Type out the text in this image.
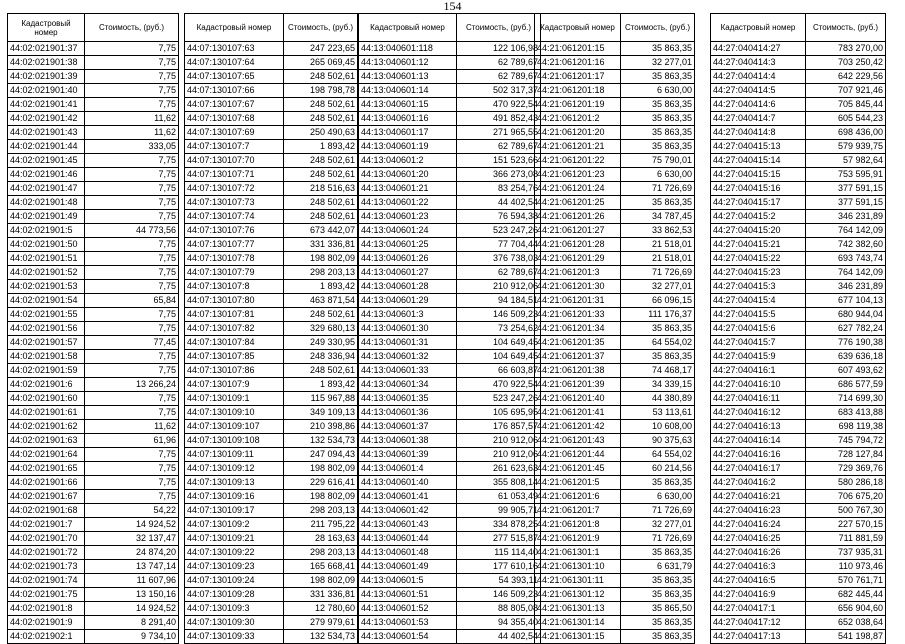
154
Кадастровый номер	Стоимость, (руб.)
44:02:021901:37	7,75
44:02:021901:38	7,75
44:02:021901:39	7,75
44:02:021901:40	7,75
44:02:021901:41	7,75
44:02:021901:42	11,62
44:02:021901:43	11,62
44:02:021901:44	333,05
44:02:021901:45	7,75
44:02:021901:46	7,75
44:02:021901:47	7,75
44:02:021901:48	7,75
44:02:021901:49	7,75
44:02:021901:5	44 773,56
44:02:021901:50	7,75
44:02:021901:51	7,75
44:02:021901:52	7,75
44:02:021901:53	7,75
44:02:021901:54	65,84
44:02:021901:55	7,75
44:02:021901:56	7,75
44:02:021901:57	77,45
44:02:021901:58	7,75
44:02:021901:59	7,75
44:02:021901:6	13 266,24
44:02:021901:60	7,75
44:02:021901:61	7,75
44:02:021901:62	11,62
44:02:021901:63	61,96
44:02:021901:64	7,75
44:02:021901:65	7,75
44:02:021901:66	7,75
44:02:021901:67	7,75
44:02:021901:68	54,22
44:02:021901:7	14 924,52
44:02:021901:70	32 137,47
44:02:021901:72	24 874,20
44:02:021901:73	13 747,14
44:02:021901:74	11 607,96
44:02:021901:75	13 150,16
44:02:021901:8	14 924,52
44:02:021901:9	8 291,40
44:02:021902:1	9 734,10
Кадастровый номер	Стоимость, (руб.)
44:07:130107:63	247 223,65
44:07:130107:64	265 069,45
44:07:130107:65	248 502,61
44:07:130107:66	198 798,78
44:07:130107:67	248 502,61
44:07:130107:68	248 502,61
44:07:130107:69	250 490,63
44:07:130107:7	1 893,42
44:07:130107:70	248 502,61
44:07:130107:71	248 502,61
44:07:130107:72	218 516,63
44:07:130107:73	248 502,61
44:07:130107:74	248 502,61
44:07:130107:76	673 442,07
44:07:130107:77	331 336,81
44:07:130107:78	198 802,09
44:07:130107:79	298 203,13
44:07:130107:8	1 893,42
44:07:130107:80	463 871,54
44:07:130107:81	248 502,61
44:07:130107:82	329 680,13
44:07:130107:84	249 330,95
44:07:130107:85	248 336,94
44:07:130107:86	248 502,61
44:07:130107:9	1 893,42
44:07:130109:1	115 967,88
44:07:130109:10	349 109,13
44:07:130109:107	210 398,86
44:07:130109:108	132 534,73
44:07:130109:11	247 094,43
44:07:130109:12	198 802,09
44:07:130109:13	229 616,41
44:07:130109:16	198 802,09
44:07:130109:17	298 203,13
44:07:130109:2	211 795,22
44:07:130109:21	28 163,63
44:07:130109:22	298 203,13
44:07:130109:23	165 668,41
44:07:130109:24	198 802,09
44:07:130109:28	331 336,81
44:07:130109:3	12 780,60
44:07:130109:30	279 979,61
44:07:130109:33	132 534,73
Кадастровый номер	Стоимость, (руб.)
44:13:040601:118	122 106,98
44:13:040601:12	62 789,67
44:13:040601:13	62 789,67
44:13:040601:14	502 317,37
44:13:040601:15	470 922,54
44:13:040601:16	491 852,43
44:13:040601:17	271 965,55
44:13:040601:19	62 789,67
44:13:040601:2	151 523,66
44:13:040601:20	366 273,08
44:13:040601:21	83 254,76
44:13:040601:22	44 402,54
44:13:040601:23	76 594,38
44:13:040601:24	523 247,26
44:13:040601:25	77 704,44
44:13:040601:26	376 738,03
44:13:040601:27	62 789,67
44:13:040601:28	210 912,06
44:13:040601:29	94 184,51
44:13:040601:3	146 509,23
44:13:040601:30	73 254,62
44:13:040601:31	104 649,45
44:13:040601:32	104 649,45
44:13:040601:33	66 603,87
44:13:040601:34	470 922,54
44:13:040601:35	523 247,26
44:13:040601:36	105 695,95
44:13:040601:37	176 857,57
44:13:040601:38	210 912,06
44:13:040601:39	210 912,06
44:13:040601:4	261 623,63
44:13:040601:40	355 808,14
44:13:040601:41	61 053,49
44:13:040601:42	99 905,71
44:13:040601:43	334 878,25
44:13:040601:44	277 515,87
44:13:040601:48	115 114,40
44:13:040601:49	177 610,16
44:13:040601:5	54 393,11
44:13:040601:51	146 509,23
44:13:040601:52	88 805,08
44:13:040601:53	94 355,40
44:13:040601:54	44 402,54
Кадастровый номер	Стоимость, (руб.)
44:21:061201:15	35 863,35
44:21:061201:16	32 277,01
44:21:061201:17	35 863,35
44:21:061201:18	6 630,00
44:21:061201:19	35 863,35
44:21:061201:2	35 863,35
44:21:061201:20	35 863,35
44:21:061201:21	35 863,35
44:21:061201:22	75 790,01
44:21:061201:23	6 630,00
44:21:061201:24	71 726,69
44:21:061201:25	35 863,35
44:21:061201:26	34 787,45
44:21:061201:27	33 862,53
44:21:061201:28	21 518,01
44:21:061201:29	21 518,01
44:21:061201:3	71 726,69
44:21:061201:30	32 277,01
44:21:061201:31	66 096,15
44:21:061201:33	111 176,37
44:21:061201:34	35 863,35
44:21:061201:35	64 554,02
44:21:061201:37	35 863,35
44:21:061201:38	74 468,17
44:21:061201:39	34 339,15
44:21:061201:40	44 380,89
44:21:061201:41	53 113,61
44:21:061201:42	10 608,00
44:21:061201:43	90 375,63
44:21:061201:44	64 554,02
44:21:061201:45	60 214,56
44:21:061201:5	35 863,35
44:21:061201:6	6 630,00
44:21:061201:7	71 726,69
44:21:061201:8	32 277,01
44:21:061201:9	71 726,69
44:21:061301:1	35 863,35
44:21:061301:10	6 631,79
44:21:061301:11	35 863,35
44:21:061301:12	35 863,35
44:21:061301:13	35 865,50
44:21:061301:14	35 863,35
44:21:061301:15	35 863,35
Кадастровый номер	Стоимость, (руб.)
44:27:040414:27	783 270,00
44:27:040414:3	703 250,42
44:27:040414:4	642 229,56
44:27:040414:5	707 921,46
44:27:040414:6	705 845,44
44:27:040414:7	605 544,23
44:27:040414:8	698 436,00
44:27:040415:13	579 939,75
44:27:040415:14	57 982,64
44:27:040415:15	753 595,91
44:27:040415:16	377 591,15
44:27:040415:17	377 591,15
44:27:040415:2	346 231,89
44:27:040415:20	764 142,09
44:27:040415:21	742 382,60
44:27:040415:22	693 743,74
44:27:040415:23	764 142,09
44:27:040415:3	346 231,89
44:27:040415:4	677 104,13
44:27:040415:5	680 944,04
44:27:040415:6	627 782,24
44:27:040415:7	776 190,38
44:27:040415:9	639 636,18
44:27:040416:1	607 493,62
44:27:040416:10	686 577,59
44:27:040416:11	714 699,30
44:27:040416:12	683 413,88
44:27:040416:13	698 119,38
44:27:040416:14	745 794,72
44:27:040416:16	728 127,84
44:27:040416:17	729 369,76
44:27:040416:2	580 286,18
44:27:040416:21	706 675,20
44:27:040416:23	500 767,30
44:27:040416:24	227 570,15
44:27:040416:25	711 881,59
44:27:040416:26	737 935,31
44:27:040416:3	110 973,46
44:27:040416:5	570 761,71
44:27:040416:9	682 445,44
44:27:040417:1	656 904,60
44:27:040417:12	652 038,64
44:27:040417:13	541 198,87
